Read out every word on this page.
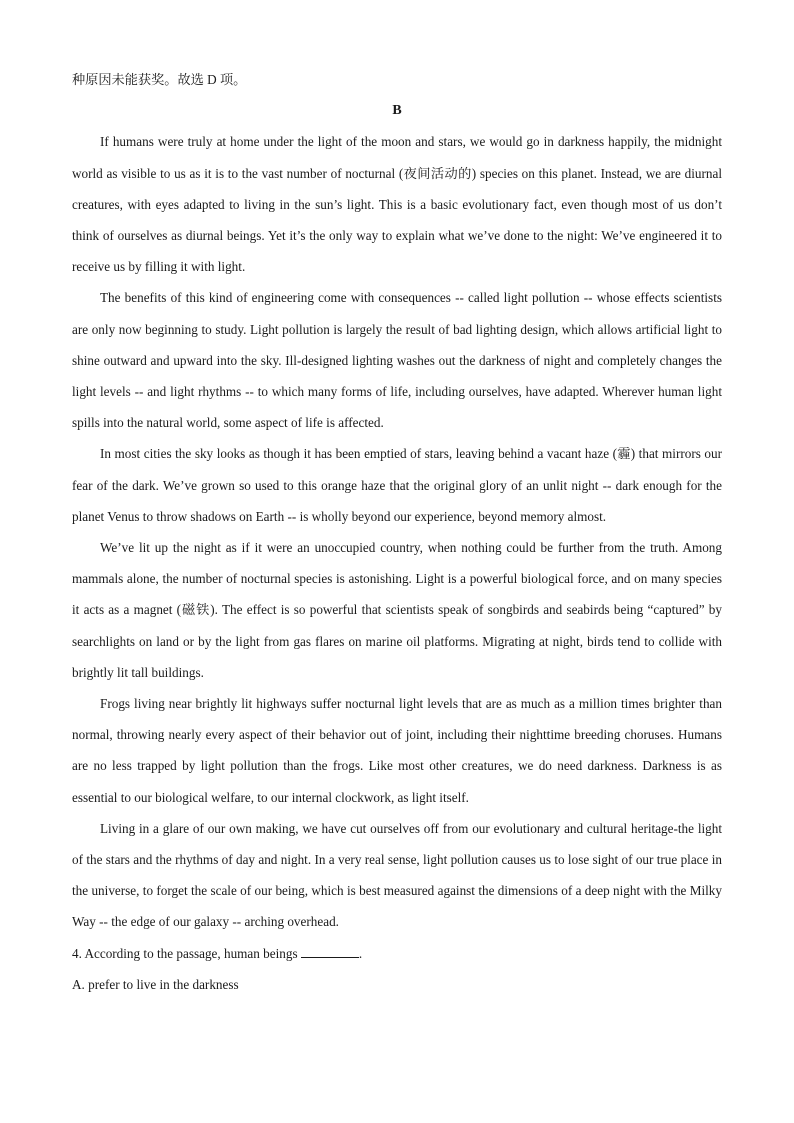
种原因未能获奖。故选 D 项。

B

If humans were truly at home under the light of the moon and stars, we would go in darkness happily, the midnight world as visible to us as it is to the vast number of nocturnal (夜间活动的) species on this planet. Instead, we are diurnal creatures, with eyes adapted to living in the sun’s light. This is a basic evolutionary fact, even though most of us don’t think of ourselves as diurnal beings. Yet it’s the only way to explain what we’ve done to the night: We’ve engineered it to receive us by filling it with light.

The benefits of this kind of engineering come with consequences -- called light pollution -- whose effects scientists are only now beginning to study. Light pollution is largely the result of bad lighting design, which allows artificial light to shine outward and upward into the sky. Ill-designed lighting washes out the darkness of night and completely changes the light levels -- and light rhythms -- to which many forms of life, including ourselves, have adapted. Wherever human light spills into the natural world, some aspect of life is affected.

In most cities the sky looks as though it has been emptied of stars, leaving behind a vacant haze (霾) that mirrors our fear of the dark. We’ve grown so used to this orange haze that the original glory of an unlit night -- dark enough for the planet Venus to throw shadows on Earth -- is wholly beyond our experience, beyond memory almost.

We’ve lit up the night as if it were an unoccupied country, when nothing could be further from the truth. Among mammals alone, the number of nocturnal species is astonishing. Light is a powerful biological force, and on many species it acts as a magnet (磁铁). The effect is so powerful that scientists speak of songbirds and seabirds being “captured” by searchlights on land or by the light from gas flares on marine oil platforms. Migrating at night, birds tend to collide with brightly lit tall buildings.

Frogs living near brightly lit highways suffer nocturnal light levels that are as much as a million times brighter than normal, throwing nearly every aspect of their behavior out of joint, including their nighttime breeding choruses. Humans are no less trapped by light pollution than the frogs. Like most other creatures, we do need darkness. Darkness is as essential to our biological welfare, to our internal clockwork, as light itself.

Living in a glare of our own making, we have cut ourselves off from our evolutionary and cultural heritage-the light of the stars and the rhythms of day and night. In a very real sense, light pollution causes us to lose sight of our true place in the universe, to forget the scale of our being, which is best measured against the dimensions of a deep night with the Milky Way -- the edge of our galaxy -- arching overhead.

4. According to the passage, human beings	.

A. prefer to live in the darkness
